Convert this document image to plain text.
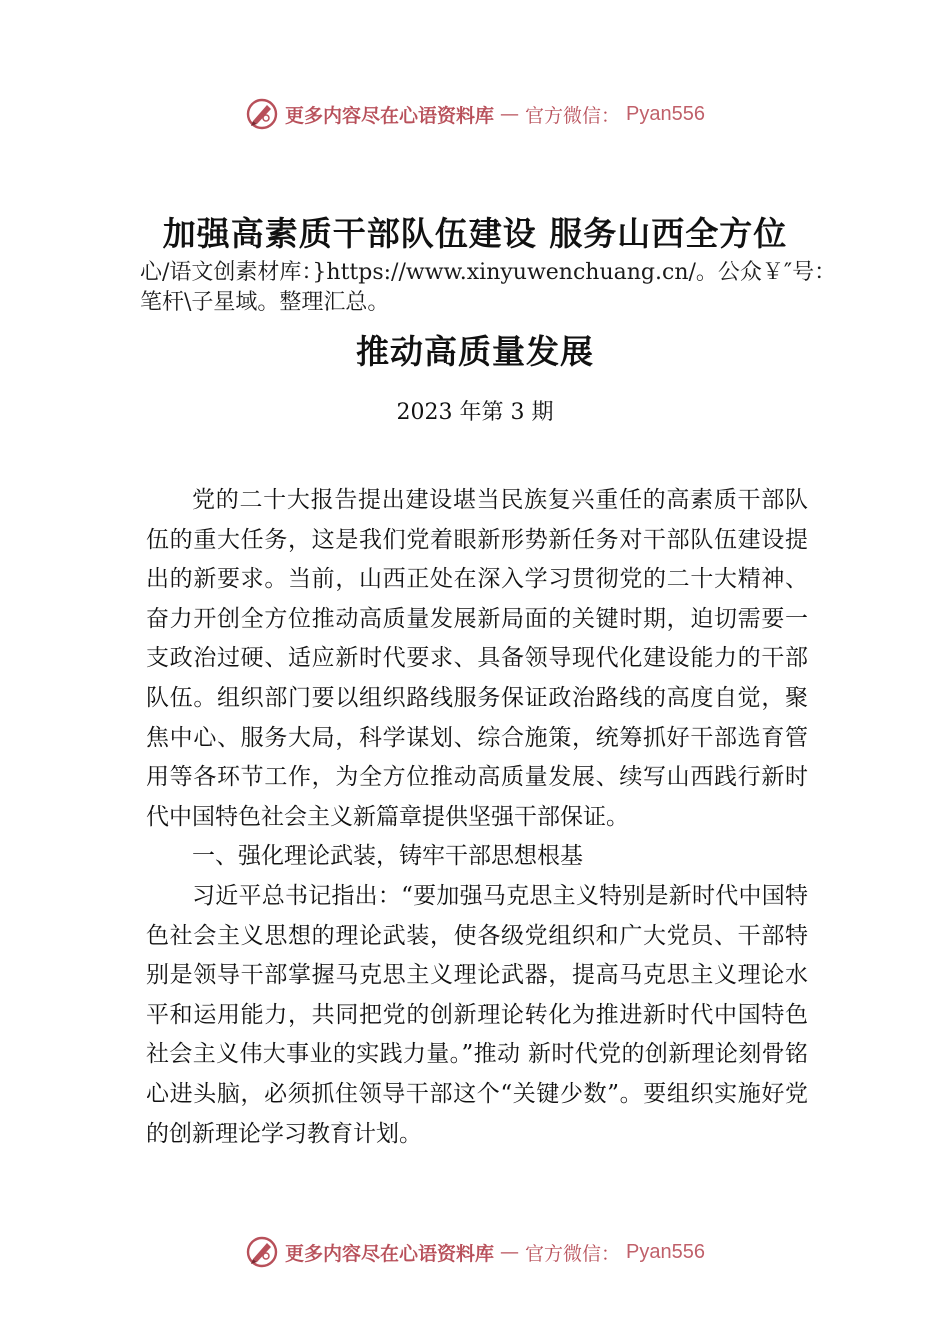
更多内容尽在心语资料库 — 官方微信： Pyan556
加强高素质干部队伍建设 服务山西全方位
心/语文创素材库：}https://www.xinyuwenchuang.cn/。公众￥″号：笔杆\子星域。整理汇总。
推动高质量发展
2023 年第 3 期

党的二十大报告提出建设堪当民族复兴重任的高素质干部队伍的重大任务，这是我们党着眼新形势新任务对干部队伍建设提出的新要求。当前，山西正处在深入学习贯彻党的二十大精神、奋力开创全方位推动高质量发展新局面的关键时期，迫切需要一支政治过硬、适应新时代要求、具备领导现代化建设能力的干部队伍。组织部门要以组织路线服务保证政治路线的高度自觉，聚焦中心、服务大局，科学谋划、综合施策，统筹抓好干部选育管用等各环节工作，为全方位推动高质量发展、续写山西践行新时代中国特色社会主义新篇章提供坚强干部保证。

一、强化理论武装，铸牢干部思想根基

习近平总书记指出：“要加强马克思主义特别是新时代中国特色社会主义思想的理论武装，使各级党组织和广大党员、干部特别是领导干部掌握马克思主义理论武器，提高马克思主义理论水平和运用能力，共同把党的创新理论转化为推进新时代中国特色社会主义伟大事业的实践力量。”推动 新时代党的创新理论刻骨铭心进头脑，必须抓住领导干部这个“关键少数”。要组织实施好党的创新理论学习教育计划。

更多内容尽在心语资料库 — 官方微信： Pyan556
